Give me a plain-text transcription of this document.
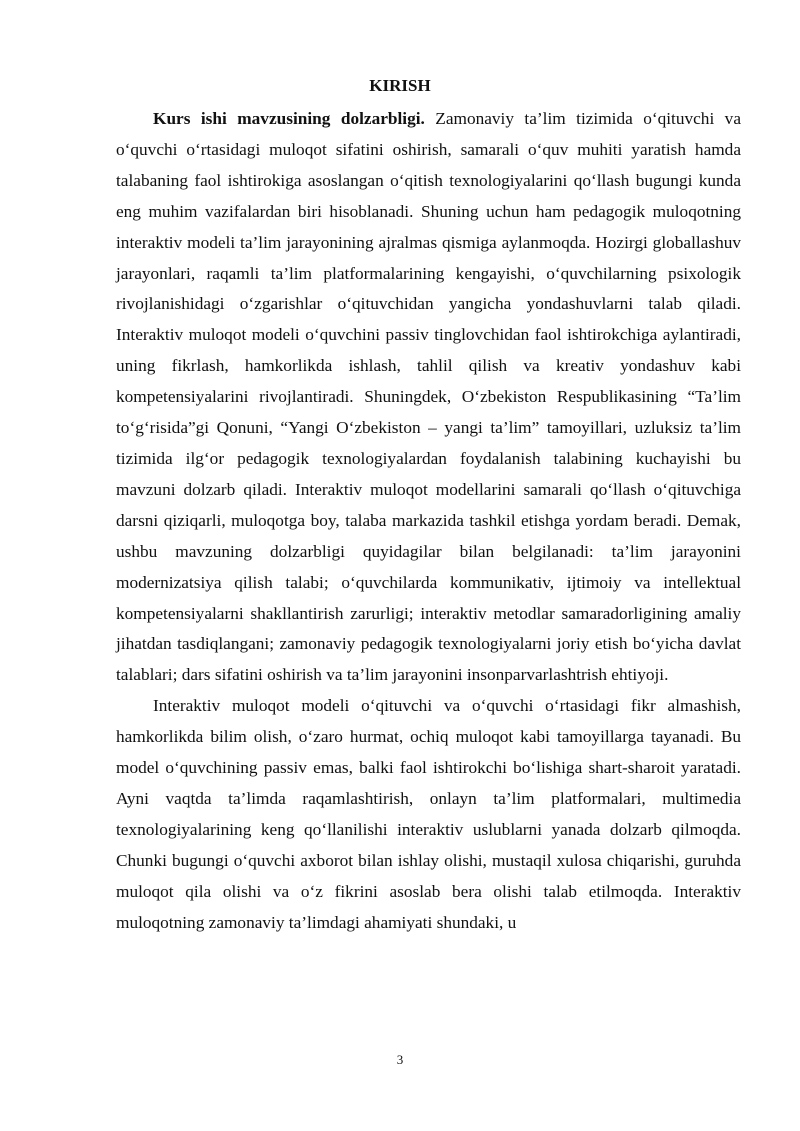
KIRISH

Kurs ishi mavzusining dolzarbligi. Zamonaviy ta’lim tizimida o‘qituvchi va o‘quvchi o‘rtasidagi muloqot sifatini oshirish, samarali o‘quv muhiti yaratish hamda talabaning faol ishtirokiga asoslangan o‘qitish texnologiyalarini qo‘llash bugungi kunda eng muhim vazifalardan biri hisoblanadi. Shuning uchun ham pedagogik muloqotning interaktiv modeli ta’lim jarayonining ajralmas qismiga aylanmoqda. Hozirgi globallashuv jarayonlari, raqamli ta’lim platformalarining kengayishi, o‘quvchilarning psixologik rivojlanishidagi o‘zgarishlar o‘qituvchidan yangicha yondashuvlarni talab qiladi. Interaktiv muloqot modeli o‘quvchini passiv tinglovchidan faol ishtirokchiga aylantiradi, uning fikrlash, hamkorlikda ishlash, tahlil qilish va kreativ yondashuv kabi kompetensiyalarini rivojlantiradi. Shuningdek, O‘zbekiston Respublikasining “Ta’lim to‘g‘risida”gi Qonuni, “Yangi O‘zbekiston – yangi ta’lim” tamoyillari, uzluksiz ta’lim tizimida ilg‘or pedagogik texnologiyalardan foydalanish talabining kuchayishi bu mavzuni dolzarb qiladi. Interaktiv muloqot modellarini samarali qo‘llash o‘qituvchiga darsni qiziqarli, muloqotga boy, talaba markazida tashkil etishga yordam beradi. Demak, ushbu mavzuning dolzarbligi quyidagilar bilan belgilanadi: ta’lim jarayonini modernizatsiya qilish talabi; o‘quvchilarda kommunikativ, ijtimoiy va intellektual kompetensiyalarni shakllantirish zarurligi; interaktiv metodlar samaradorligining amaliy jihatdan tasdiqlangani; zamonaviy pedagogik texnologiyalarni joriy etish bo‘yicha davlat talablari; dars sifatini oshirish va ta’lim jarayonini insonparvarlashtrish ehtiyoji.

Interaktiv muloqot modeli o‘qituvchi va o‘quvchi o‘rtasidagi fikr almashish, hamkorlikda bilim olish, o‘zaro hurmat, ochiq muloqot kabi tamoyillarga tayanadi. Bu model o‘quvchining passiv emas, balki faol ishtirokchi bo‘lishiga shart-sharoit yaratadi. Ayni vaqtda ta’limda raqamlashtirish, onlayn ta’lim platformalari, multimedia texnologiyalarining keng qo‘llanilishi interaktiv uslublarni yanada dolzarb qilmoqda. Chunki bugungi o‘quvchi axborot bilan ishlay olishi, mustaqil xulosa chiqarishi, guruhda muloqot qila olishi va o‘z fikrini asoslab bera olishi talab etilmoqda. Interaktiv muloqotning zamonaviy ta’limdagi ahamiyati shundaki, u

3
